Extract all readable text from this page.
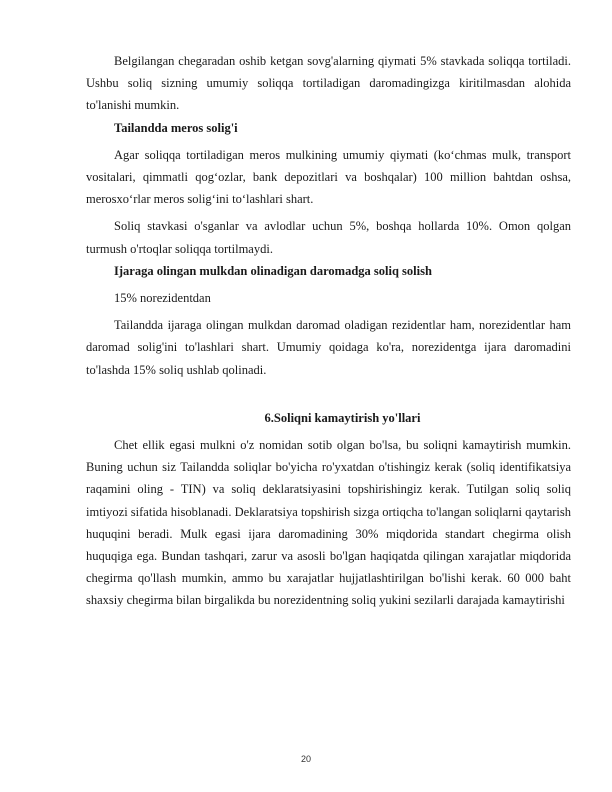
Belgilangan chegaradan oshib ketgan sovg'alarning qiymati 5% stavkada soliqqa tortiladi. Ushbu soliq sizning umumiy soliqqa tortiladigan daromadingizga kiritilmasdan alohida to'lanishi mumkin.

Tailandda meros solig'i

Agar soliqqa tortiladigan meros mulkining umumiy qiymati (ko‘chmas mulk, transport vositalari, qimmatli qog‘ozlar, bank depozitlari va boshqalar) 100 million bahtdan oshsa, merosxo‘rlar meros solig‘ini to‘lashlari shart.

Soliq stavkasi o'sganlar va avlodlar uchun 5%, boshqa hollarda 10%. Omon qolgan turmush o'rtoqlar soliqqa tortilmaydi.

Ijaraga olingan mulkdan olinadigan daromadga soliq solish

15% norezidentdan

Tailandda ijaraga olingan mulkdan daromad oladigan rezidentlar ham, norezidentlar ham daromad solig'ini to'lashlari shart. Umumiy qoidaga ko'ra, norezidentga ijara daromadini to'lashda 15% soliq ushlab qolinadi.

6.Soliqni kamaytirish yo'llari

Chet ellik egasi mulkni o'z nomidan sotib olgan bo'lsa, bu soliqni kamaytirish mumkin. Buning uchun siz Tailandda soliqlar bo'yicha ro'yxatdan o'tishingiz kerak (soliq identifikatsiya raqamini oling - TIN) va soliq deklaratsiyasini topshirishingiz kerak. Tutilgan soliq soliq imtiyozi sifatida hisoblanadi. Deklaratsiya topshirish sizga ortiqcha to'langan soliqlarni qaytarish huquqini beradi. Mulk egasi ijara daromadining 30% miqdorida standart chegirma olish huquqiga ega. Bundan tashqari, zarur va asosli bo'lgan haqiqatda qilingan xarajatlar miqdorida chegirma qo'llash mumkin, ammo bu xarajatlar hujjatlashtirilgan bo'lishi kerak. 60 000 baht shaxsiy chegirma bilan birgalikda bu norezidentning soliq yukini sezilarli darajada kamaytirishi

20
